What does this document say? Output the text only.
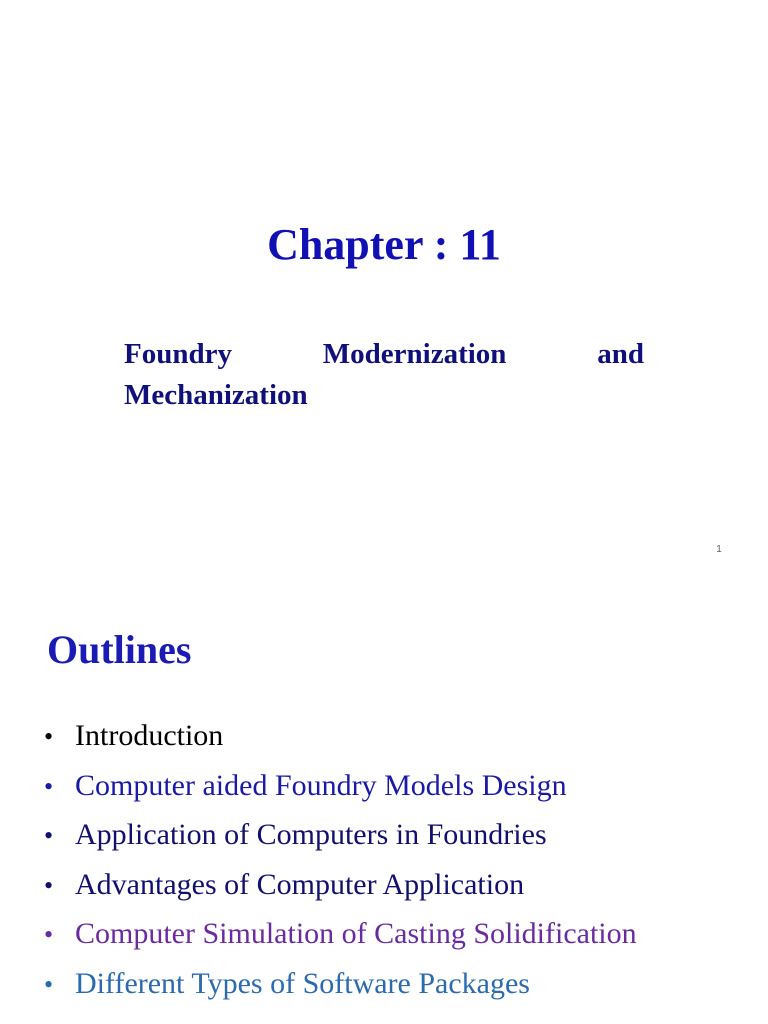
Chapter : 11
Foundry	Modernization	and
Mechanization
1
Outlines
• Introduction
• Computer aided Foundry Models Design
• Application of Computers in Foundries
• Advantages of Computer Application
• Computer Simulation of Casting Solidification
• Different Types of Software Packages
